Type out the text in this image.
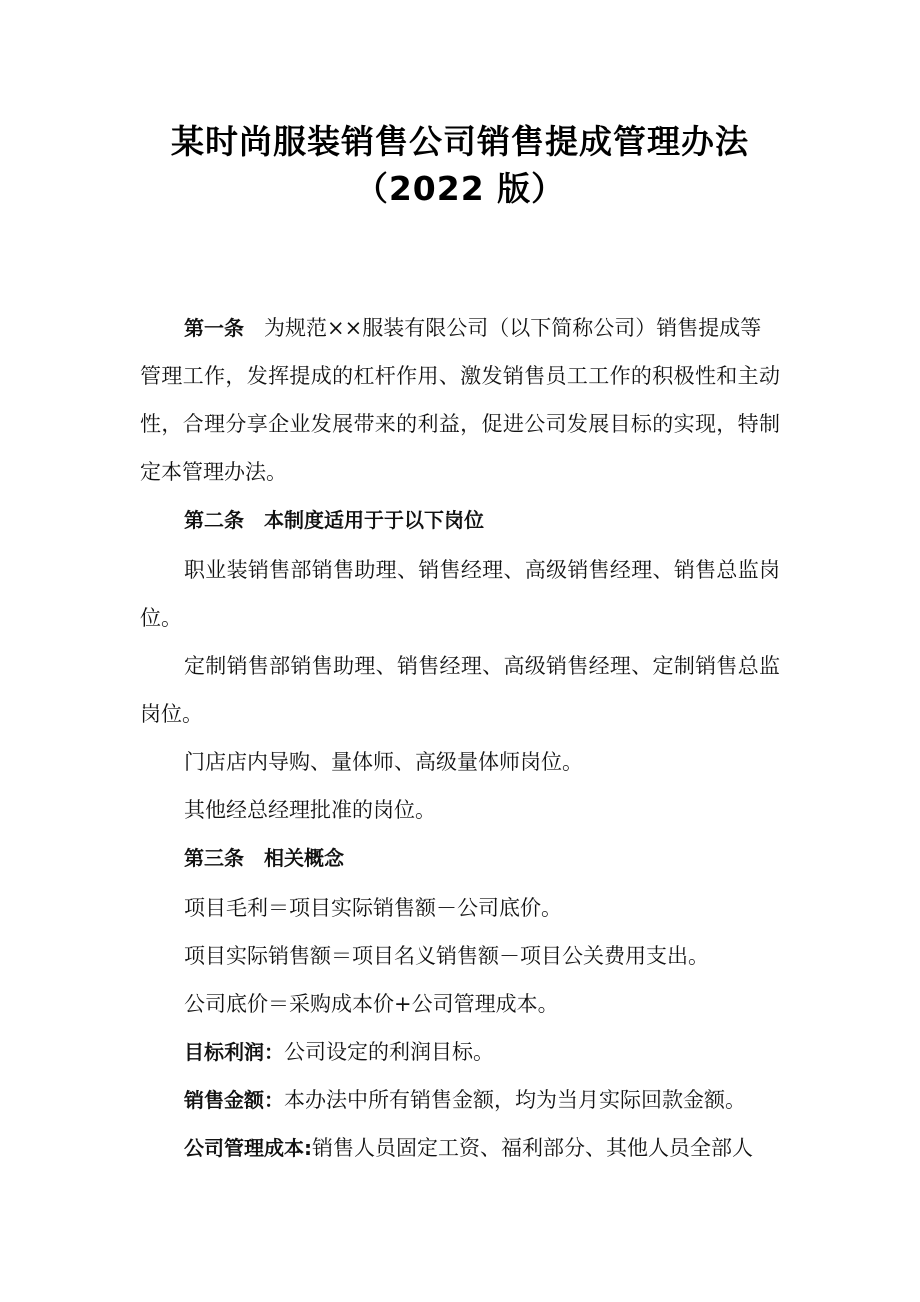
某时尚服装销售公司销售提成管理办法
（2022 版）
第一条 为规范××服装有限公司（以下简称公司）销售提成等
管理工作，发挥提成的杠杆作用、激发销售员工工作的积极性和主动
性，合理分享企业发展带来的利益，促进公司发展目标的实现，特制
定本管理办法。
第二条 本制度适用于于以下岗位
职业装销售部销售助理、销售经理、高级销售经理、销售总监岗
位。
定制销售部销售助理、销售经理、高级销售经理、定制销售总监
岗位。
门店店内导购、量体师、高级量体师岗位。
其他经总经理批准的岗位。
第三条 相关概念
项目毛利＝项目实际销售额－公司底价。
项目实际销售额＝项目名义销售额－项目公关费用支出。
公司底价＝采购成本价+公司管理成本。
目标利润：公司设定的利润目标。
销售金额：本办法中所有销售金额，均为当月实际回款金额。
公司管理成本:销售人员固定工资、福利部分、其他人员全部人
